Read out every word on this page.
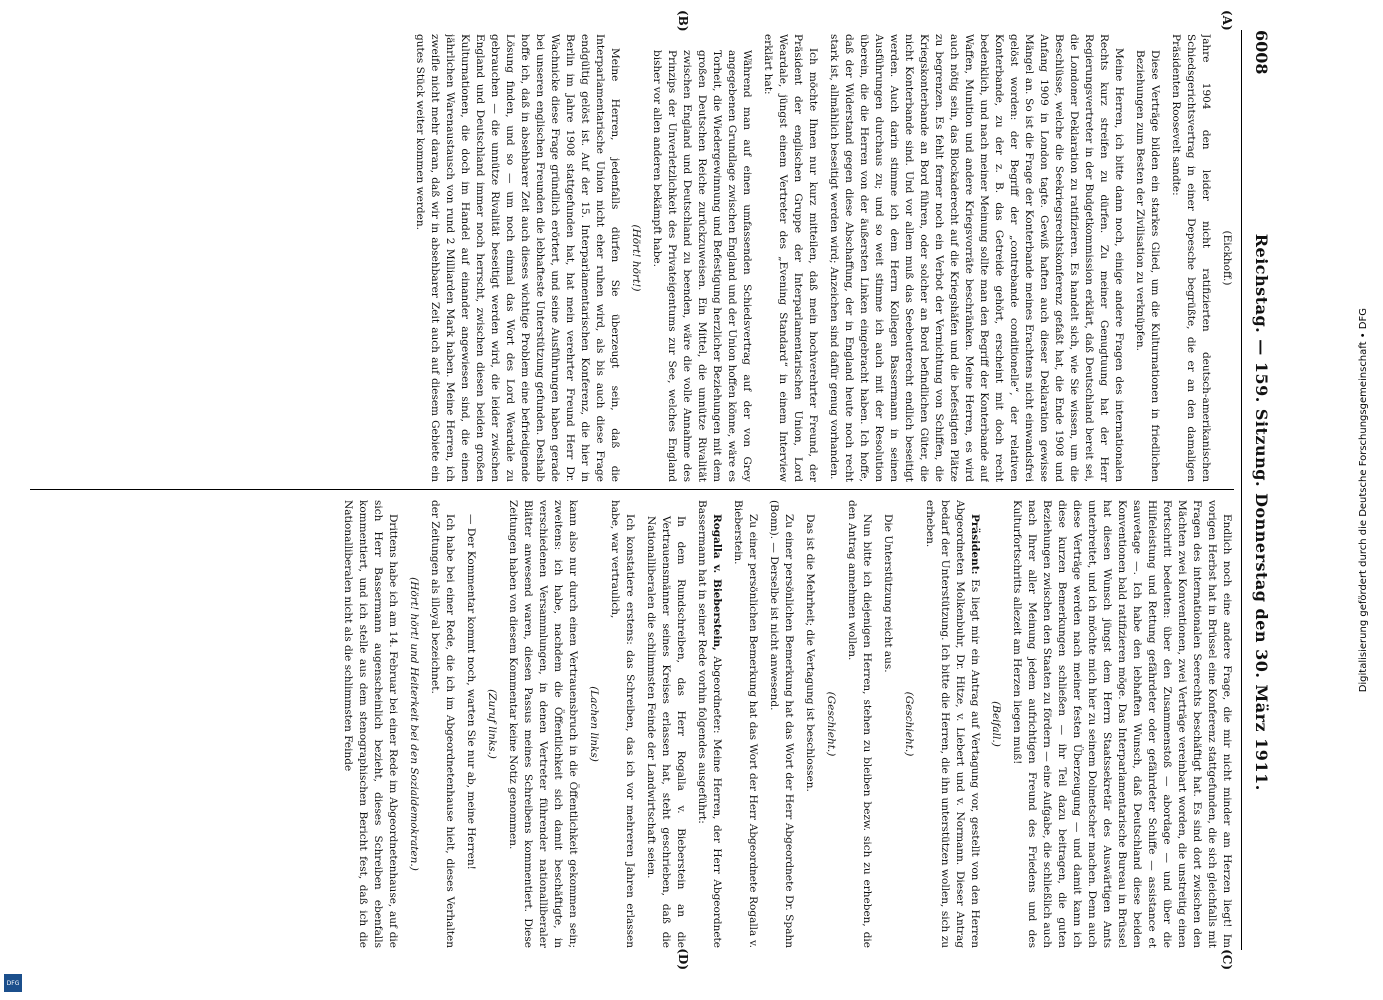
6008
Reichstag. — 159. Sitzung. Donnerstag den 30. März 1911.
(A)
(B)
(C)
(D)

(Eickhoff.)

Jahre 1904 den leider nicht ratifizierten deutsch-amerikanischen Schiedsgerichtsvertrag in einer Depesche begrüßte, die er an den damaligen Präsidenten Roosevelt sandte:

Diese Verträge bilden ein starkes Glied, um die Kulturnationen in friedlichen Beziehungen zum Besten der Zivilisation zu verknüpfen.

Meine Herren, ich bitte dann noch, einige andere Fragen des internationalen Rechts kurz streifen zu dürfen. Zu meiner Genugtuung hat der Herr Regierungsvertreter in der Budgetkommission erklärt, daß Deutschland bereit sei, die Londoner Deklaration zu ratifizieren. Es handelt sich, wie Sie wissen, um die Beschlüsse, welche die Seekriegsrechtskonferenz gefaßt hat, die Ende 1908 und Anfang 1909 in London tagte. Gewiß haften auch dieser Deklaration gewisse Mängel an. So ist die Frage der Konterbande meines Erachtens nicht einwandsfrei gelöst worden: der Begriff der „contrebande conditionelle“, der relativen Konterbande, zu der z. B. das Getreide gehört, erscheint mit doch recht bedenklich, und nach meiner Meinung sollte man den Begriff der Konterbande auf Waffen, Munition und andere Kriegsvorräte beschränken. Meine Herren, es wird auch nötig sein, das Blockaderecht auf die Kriegshäfen und die befestigten Plätze zu begrenzen. Es fehlt ferner noch ein Verbot der Vernichtung von Schiffen, die Kriegskonterbande an Bord führen, oder solcher an Bord befindlichen Güter, die nicht Konterbande sind. Und vor allem muß das Seebeuterecht endlich beseitigt werden. Auch darin stimme ich dem Herrn Kollegen Bassermann in seinen Ausführungen durchaus zu; und so weit stimme ich auch mit der Resolution überein, die die Herren von der äußersten Linken eingebracht haben. Ich hoffe, daß der Widerstand gegen diese Abschaffung, der in England heute noch recht stark ist, allmählich beseitigt werden wird; Anzeichen sind dafür genug vorhanden.

Ich möchte Ihnen nur kurz mitteilen, daß mein hochverehrter Freund, der Präsident der englischen Gruppe der Interparlamentarischen Union, Lord Weardale, jüngst einem Vertreter des „Evening Standard“ in einem Interview erklärt hat:

Während man auf einen umfassenden Schiedsvertrag auf der von Grey angegebenen Grundlage zwischen England und der Union hoffen könne, wäre es Torheit, die Wiedergewinnung und Befestigung herzlicher Beziehungen mit dem großen Deutschen Reiche zurückzuweisen. Ein Mittel, die unnütze Rivalität zwischen England und Deutschland zu beenden, wäre die volle Annahme des Prinzips der Unverletzlichkeit des Privateigentums zur See, welches England bisher vor allen anderen bekämpft habe.

(Hört! hört!)

Meine Herren, jedenfalls dürfen Sie überzeugt sein, daß die Interparlamentarische Union nicht eher ruhen wird, als bis auch diese Frage endgültig gelöst ist. Auf der 15. Interparlamentarischen Konferenz, die hier in Berlin im Jahre 1908 stattgefunden hat, hat mein verehrter Freund Herr Dr. Wachnicke diese Frage gründlich erörtert, und seine Ausführungen haben gerade bei unseren englischen Freunden die lebhafteste Unterstützung gefunden. Deshalb hoffe ich, daß in absehbarer Zeit auch dieses wichtige Problem eine befriedigende Lösung finden, und so — um noch einmal das Wort des Lord Weardale zu gebrauchen — die unnütze Rivalität beseitigt werden wird, die leider zwischen England und Deutschland immer noch herrscht, zwischen diesen beiden großen Kulturnationen, die doch im Handel auf einander angewiesen sind, die einen jährlichen Warenaustausch von rund 2 Milliarden Mark haben. Meine Herren, ich zweifle nicht mehr daran, daß wir in absehbarer Zeit auch auf diesem Gebiete ein gutes Stück weiter kommen werden.

Endlich noch eine andere Frage, die mir nicht minder am Herzen liegt! Im vorigen Herbst hat in Brüssel eine Konferenz stattgefunden, die sich gleichfalls mit Fragen des internationalen Seerechts beschäftigt hat. Es sind dort zwischen den Mächten zwei Konventionen, zwei Verträge vereinbart worden, die unstreitig einen Fortschritt bedeuten: über den Zusammenstoß — abordage — und über die Hilfeleistung und Rettung gefährdeter oder gefährdeter Schiffe — assistance et sauvetage —. Ich habe den lebhaften Wunsch, daß Deutschland diese beiden Konventionen bald ratifizieren möge. Das Interparlamentarische Bureau in Brüssel hat diesen Wunsch jüngst dem Herrn Staatssekretär des Auswärtigen Amts unterbreitet, und ich möchte mich hier zu seinem Dolmetscher machen. Denn auch diese Verträge werden nach meiner festen Überzeugung — und damit kann ich diese kurzen Bemerkungen schließen — ihr Teil dazu beitragen, die guten Beziehungen zwischen den Staaten zu fördern — eine Aufgabe, die schließlich auch nach Ihrer aller Meinung jedem aufrichtigen Freund des Friedens und des Kulturfortschritts allezeit am Herzen liegen muß!

(Beifall.)

Präsident: Es liegt mir ein Antrag auf Vertagung vor, gestellt von den Herren Abgeordneten Molkenbuhr, Dr. Hitze, v. Liebert und v. Normann. Dieser Antrag bedarf der Unterstützung. Ich bitte die Herren, die ihn unterstützen wollen, sich zu erheben.

(Geschieht.)

Die Unterstützung reicht aus.

Nun bitte ich diejenigen Herren, stehen zu bleiben bezw. sich zu erheben, die den Antrag annehmen wollen.

(Geschieht.)

Das ist die Mehrheit; die Vertagung ist beschlossen.

Zu einer persönlichen Bemerkung hat das Wort der Herr Abgeordnete Dr. Spahn (Bonn). — Derselbe ist nicht anwesend.

Zu einer persönlichen Bemerkung hat das Wort der Herr Abgeordnete Rogalla v. Bieberstein.

Rogalla v. Bieberstein, Abgeordneter: Meine Herren, der Herr Abgeordnete Bassermann hat in seiner Rede vorhin folgendes ausgeführt:

In dem Rundschreiben, das Herr Rogalla v. Bieberstein an die Vertrauensmänner seines Kreises erlassen hat, steht geschrieben, daß die Nationalliberalen die schlimmsten Feinde der Landwirtschaft seien.

Ich konstatiere erstens: das Schreiben, das ich vor mehreren Jahren erlassen habe, war vertraulich,

(Lachen links)

kann also nur durch einen Vertrauensbruch in die Öffentlichkeit gekommen sein; zweitens: ich habe, nachdem die Öffentlichkeit sich damit beschäftigte, in verschiedenen Versammlungen, in denen Vertreter führender nationalliberaler Blätter anwesend waren, diesen Passus meines Schreibens kommentiert. Diese Zeitungen haben von diesem Kommentar keine Notiz genommen.

(Zuruf links.)

— Der Kommentar kommt noch, warten Sie nur ab, meine Herren!

Ich habe bei einer Rede, die ich im Abgeordnetenhause hielt, dieses Verhalten der Zeitungen als illoyal bezeichnet.

(Hört! hört! und Heiterkeit bei den Sozialdemokraten.)

Drittens habe ich am 14. Februar bei einer Rede im Abgeordnetenhause, auf die sich Herr Bassermann augenscheinlich bezieht, dieses Schreiben ebenfalls kommentiert, und ich stelle aus dem stenographischen Bericht fest, daß ich die Nationalliberalen nicht als die schlimmsten Feinde	Digitalisierung gefördert durch die Deutsche Forschungsgemeinschaft • DFG
DFG
